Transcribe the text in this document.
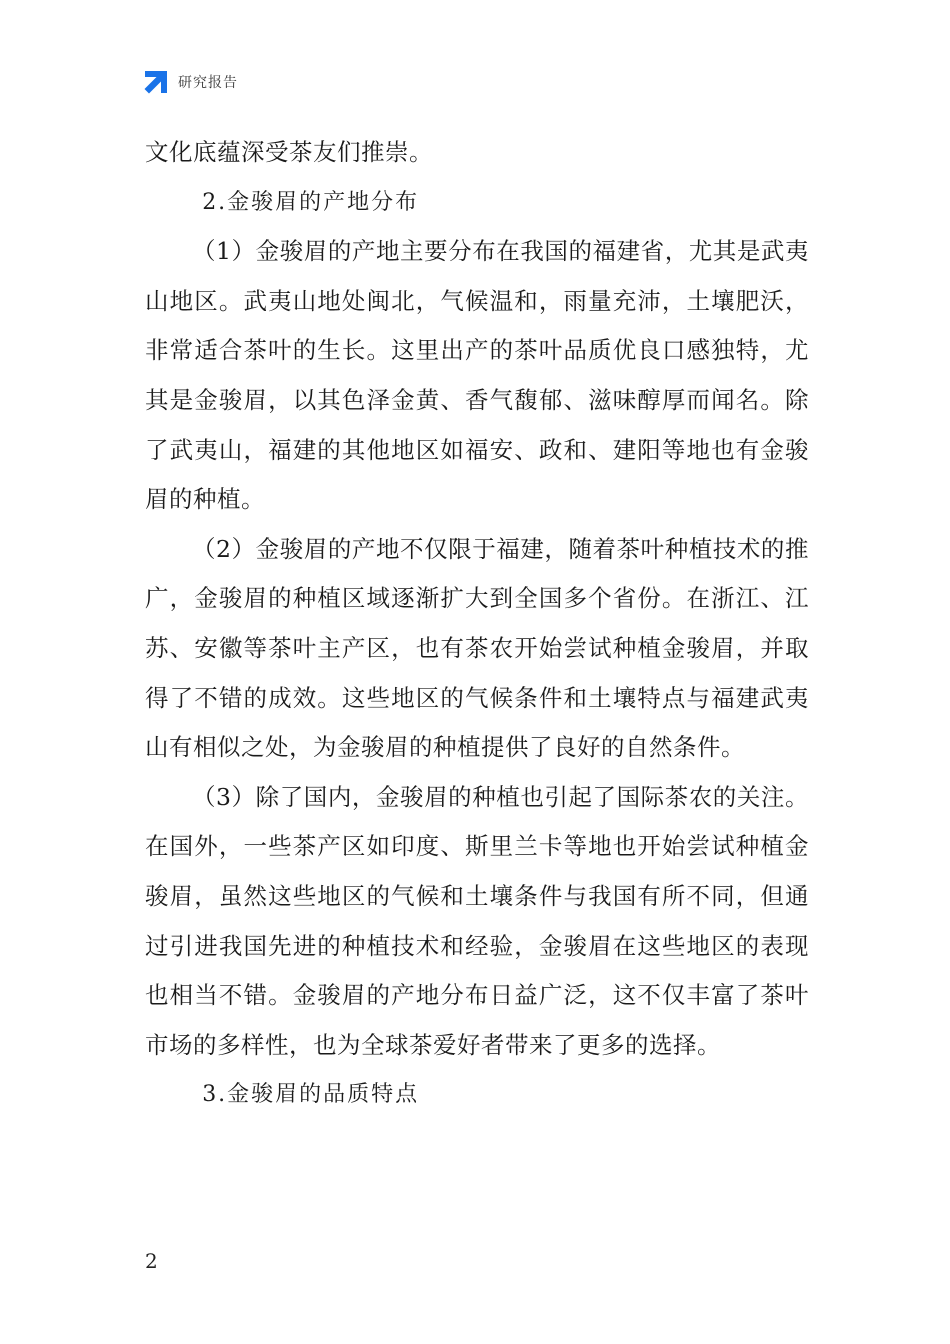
研究报告

文化底蕴深受茶友们推崇。

2.金骏眉的产地分布

（1）金骏眉的产地主要分布在我国的福建省，尤其是武夷山地区。武夷山地处闽北，气候温和，雨量充沛，土壤肥沃，非常适合茶叶的生长。这里出产的茶叶品质优良口感独特，尤其是金骏眉，以其色泽金黄、香气馥郁、滋味醇厚而闻名。除了武夷山，福建的其他地区如福安、政和、建阳等地也有金骏眉的种植。

（2）金骏眉的产地不仅限于福建，随着茶叶种植技术的推广，金骏眉的种植区域逐渐扩大到全国多个省份。在浙江、江苏、安徽等茶叶主产区，也有茶农开始尝试种植金骏眉，并取得了不错的成效。这些地区的气候条件和土壤特点与福建武夷山有相似之处，为金骏眉的种植提供了良好的自然条件。

（3）除了国内，金骏眉的种植也引起了国际茶农的关注。在国外，一些茶产区如印度、斯里兰卡等地也开始尝试种植金骏眉，虽然这些地区的气候和土壤条件与我国有所不同，但通过引进我国先进的种植技术和经验，金骏眉在这些地区的表现也相当不错。金骏眉的产地分布日益广泛，这不仅丰富了茶叶市场的多样性，也为全球茶爱好者带来了更多的选择。

3.金骏眉的品质特点

2
